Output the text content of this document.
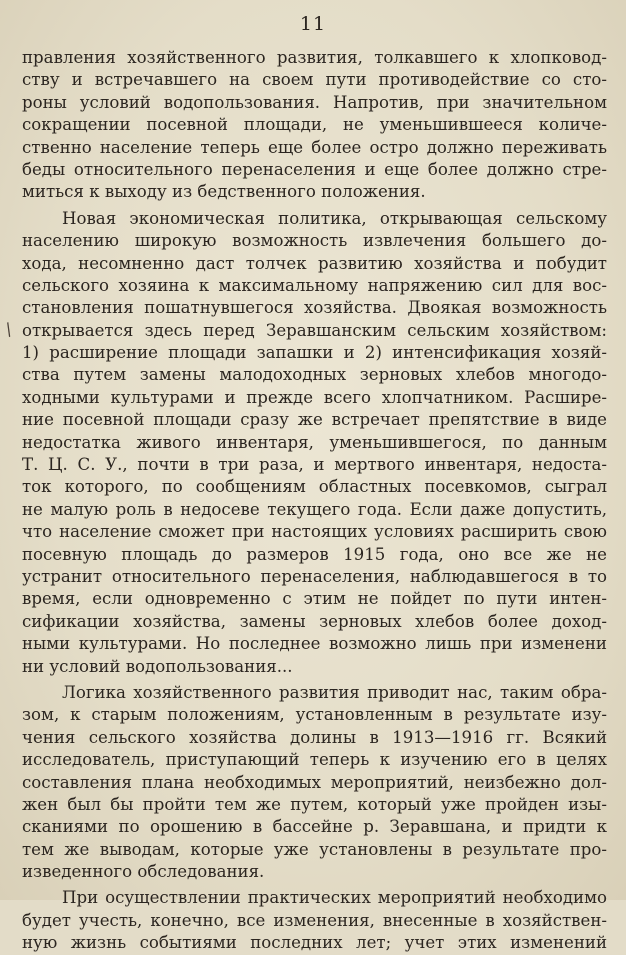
11
/
правления хозяйственного развития, толкавшего к хлопковод-
ству и встречавшего на своем пути противодействие со сто-
роны условий водопользования. Напротив, при значительном
сокращении посевной площади, не уменьшившееся количе-
ственно население теперь еще более остро должно переживать
беды относительного перенаселения и еще более должно стре-
миться к выходу из бедственного положения.
Новая экономическая политика, открывающая сельскому
населению широкую возможность извлечения большего до-
хода, несомненно даст толчек развитию хозяйства и побудит
сельского хозяина к максимальному напряжению сил для вос-
становления пошатнувшегося хозяйства. Двоякая возможность
открывается здесь перед Зеравшанским сельским хозяйством:
1) расширение площади запашки и 2) интенсификация хозяй-
ства путем замены малодоходных зерновых хлебов многодо-
ходными культурами и прежде всего хлопчатником. Расшире-
ние посевной площади сразу же встречает препятствие в виде
недостатка живого инвентаря, уменьшившегося, по данным
Т. Ц. С. У., почти в три раза, и мертвого инвентаря, недоста-
ток которого, по сообщениям областных посевкомов, сыграл
не малую роль в недосеве текущего года. Если даже допустить,
что население сможет при настоящих условиях расширить свою
посевную площадь до размеров 1915 года, оно все же не
устранит относительного перенаселения, наблюдавшегося в то
время, если одновременно с этим не пойдет по пути интен-
сификации хозяйства, замены зерновых хлебов более доход-
ными культурами. Но последнее возможно лишь при изменени
ни условий водопользования...
Логика хозяйственного развития приводит нас, таким обра-
зом, к старым положениям, установленным в результате изу-
чения сельского хозяйства долины в 1913—1916 гг. Всякий
исследователь, приступающий теперь к изучению его в целях
составления плана необходимых мероприятий, неизбежно дол-
жен был бы пройти тем же путем, который уже пройден изы-
сканиями по орошению в бассейне р. Зеравшана, и придти к
тем же выводам, которые уже установлены в результате про-
изведенного обследования.
При осуществлении практических мероприятий необходимо
будет учесть, конечно, все изменения, внесенные в хозяйствен-
ную жизнь событиями последних лет; учет этих изменений
